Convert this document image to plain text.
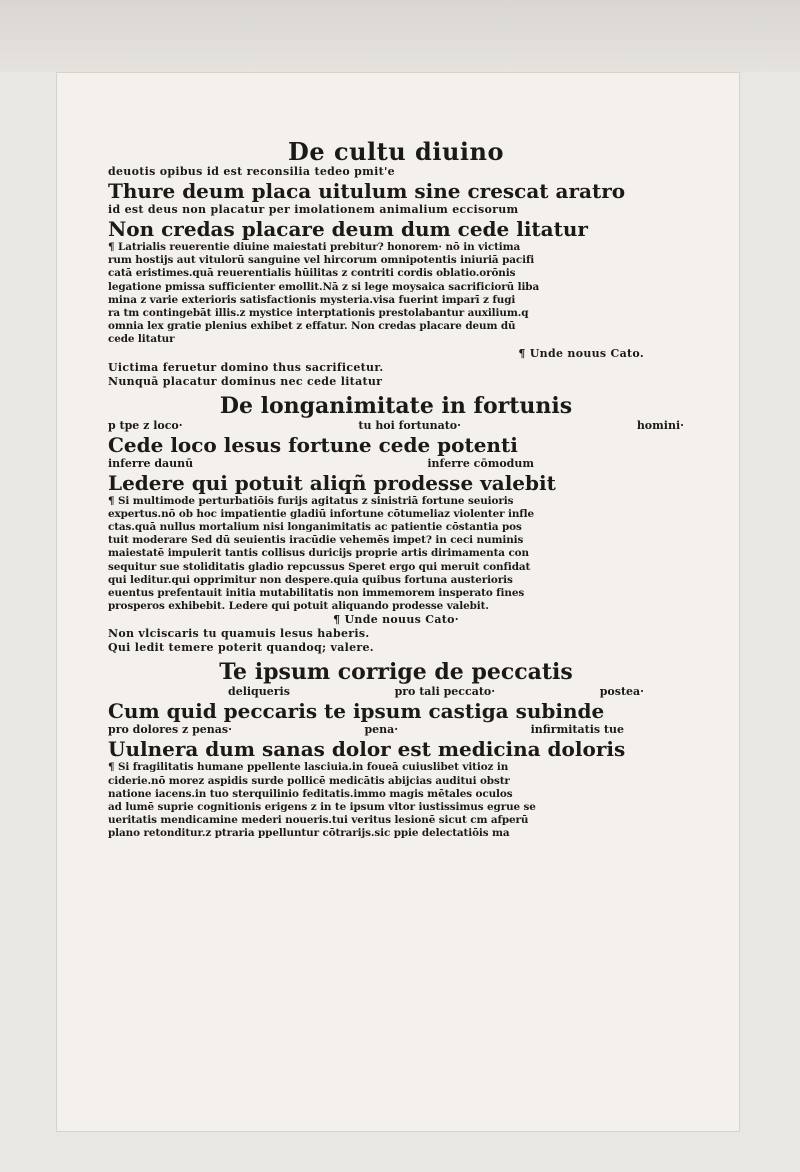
De cultu diuino
deuotis opibus id est reconsilia tedeo pmit'e
Thure deum placa uitulum sine crescat aratro
id est deus non placatur per imolationem animalium eccisorum
Non credas placare deum dum cede litatur
¶ Latrialis reuerentie diuine maiestati prebitur? honorem· nō in victima
rum hostijs aut vitulorū sanguine vel hircorum omnipotentis iniuriā pacifi
catā eristimes.quā reuerentialis hūilitas z contriti cordis oblatio.orōnis
legatione pmissa sufficienter emollit.Nā z si lege moysaica sacrificiorū liba
mina z varie exterioris satisfactionis mysteria.visa fuerint imparī z fugi
ra tm contingebāt illis.z mystice interptationis prestolabantur auxilium.q
omnia lex gratie plenius exhibet z effatur. Non credas placare deum dū
cede litatur
¶ Unde nouus Cato.
Uictima feruetur domino thus sacrificetur.
Nunquā placatur dominus nec cede litatur
De longanimitate in fortunis
p tpe z loco·	tu hoi fortunato·	homini·
Cede loco lesus fortune cede potenti
inferre daunū	inferre cōmodum
Ledere qui potuit aliqñ prodesse valebit
¶ Si multimode perturbatiōis furijs agitatus z sinistriā fortune seuioris
expertus.nō ob hoc impatientie gladiū infortune cōtumeliaz violenter infle
ctas.quā nullus mortalium nisi longanimitatis ac patientie cōstantia pos
tuit moderare Sed dū seuientis iracūdie vehemēs impet? in ceci numinis
maiestatē impulerit tantis collisus duricijs proprie artis dirimamenta con
sequitur sue stoliditatis gladio repcussus Speret ergo qui meruit confidat
qui leditur.qui opprimitur non despere.quia quibus fortuna austerioris
euentus prefentauit initia mutabilitatis non immemorem insperato fines
prosperos exhibebit. Ledere qui potuit aliquando prodesse valebit.
¶ Unde nouus Cato·
Non vlciscaris tu quamuis lesus haberis.
Qui ledit temere poterit quandoq; valere.
Te ipsum corrige de peccatis
deliqueris	pro tali peccato·	postea·
Cum quid peccaris te ipsum castiga subinde
pro dolores z penas·	pena·	infirmitatis tue
Uulnera dum sanas dolor est medicina doloris
¶ Si fragilitatis humane ppellente lasciuia.in foueā cuiuslibet vitioz in
ciderie.nō morez aspidis surde pollicē medicātis abijcias auditui obstr
natione iacens.in tuo sterquilinio feditatis.immo magis mētales oculos
ad lumē suprie cognitionis erigens z in te ipsum vltor iustissimus egrue se
ueritatis mendicamine mederi noueris.tui veritus lesionē sicut cm afperū
plano retonditur.z ptraria ppelluntur cōtrarijs.sic ppie delectatiōis ma
